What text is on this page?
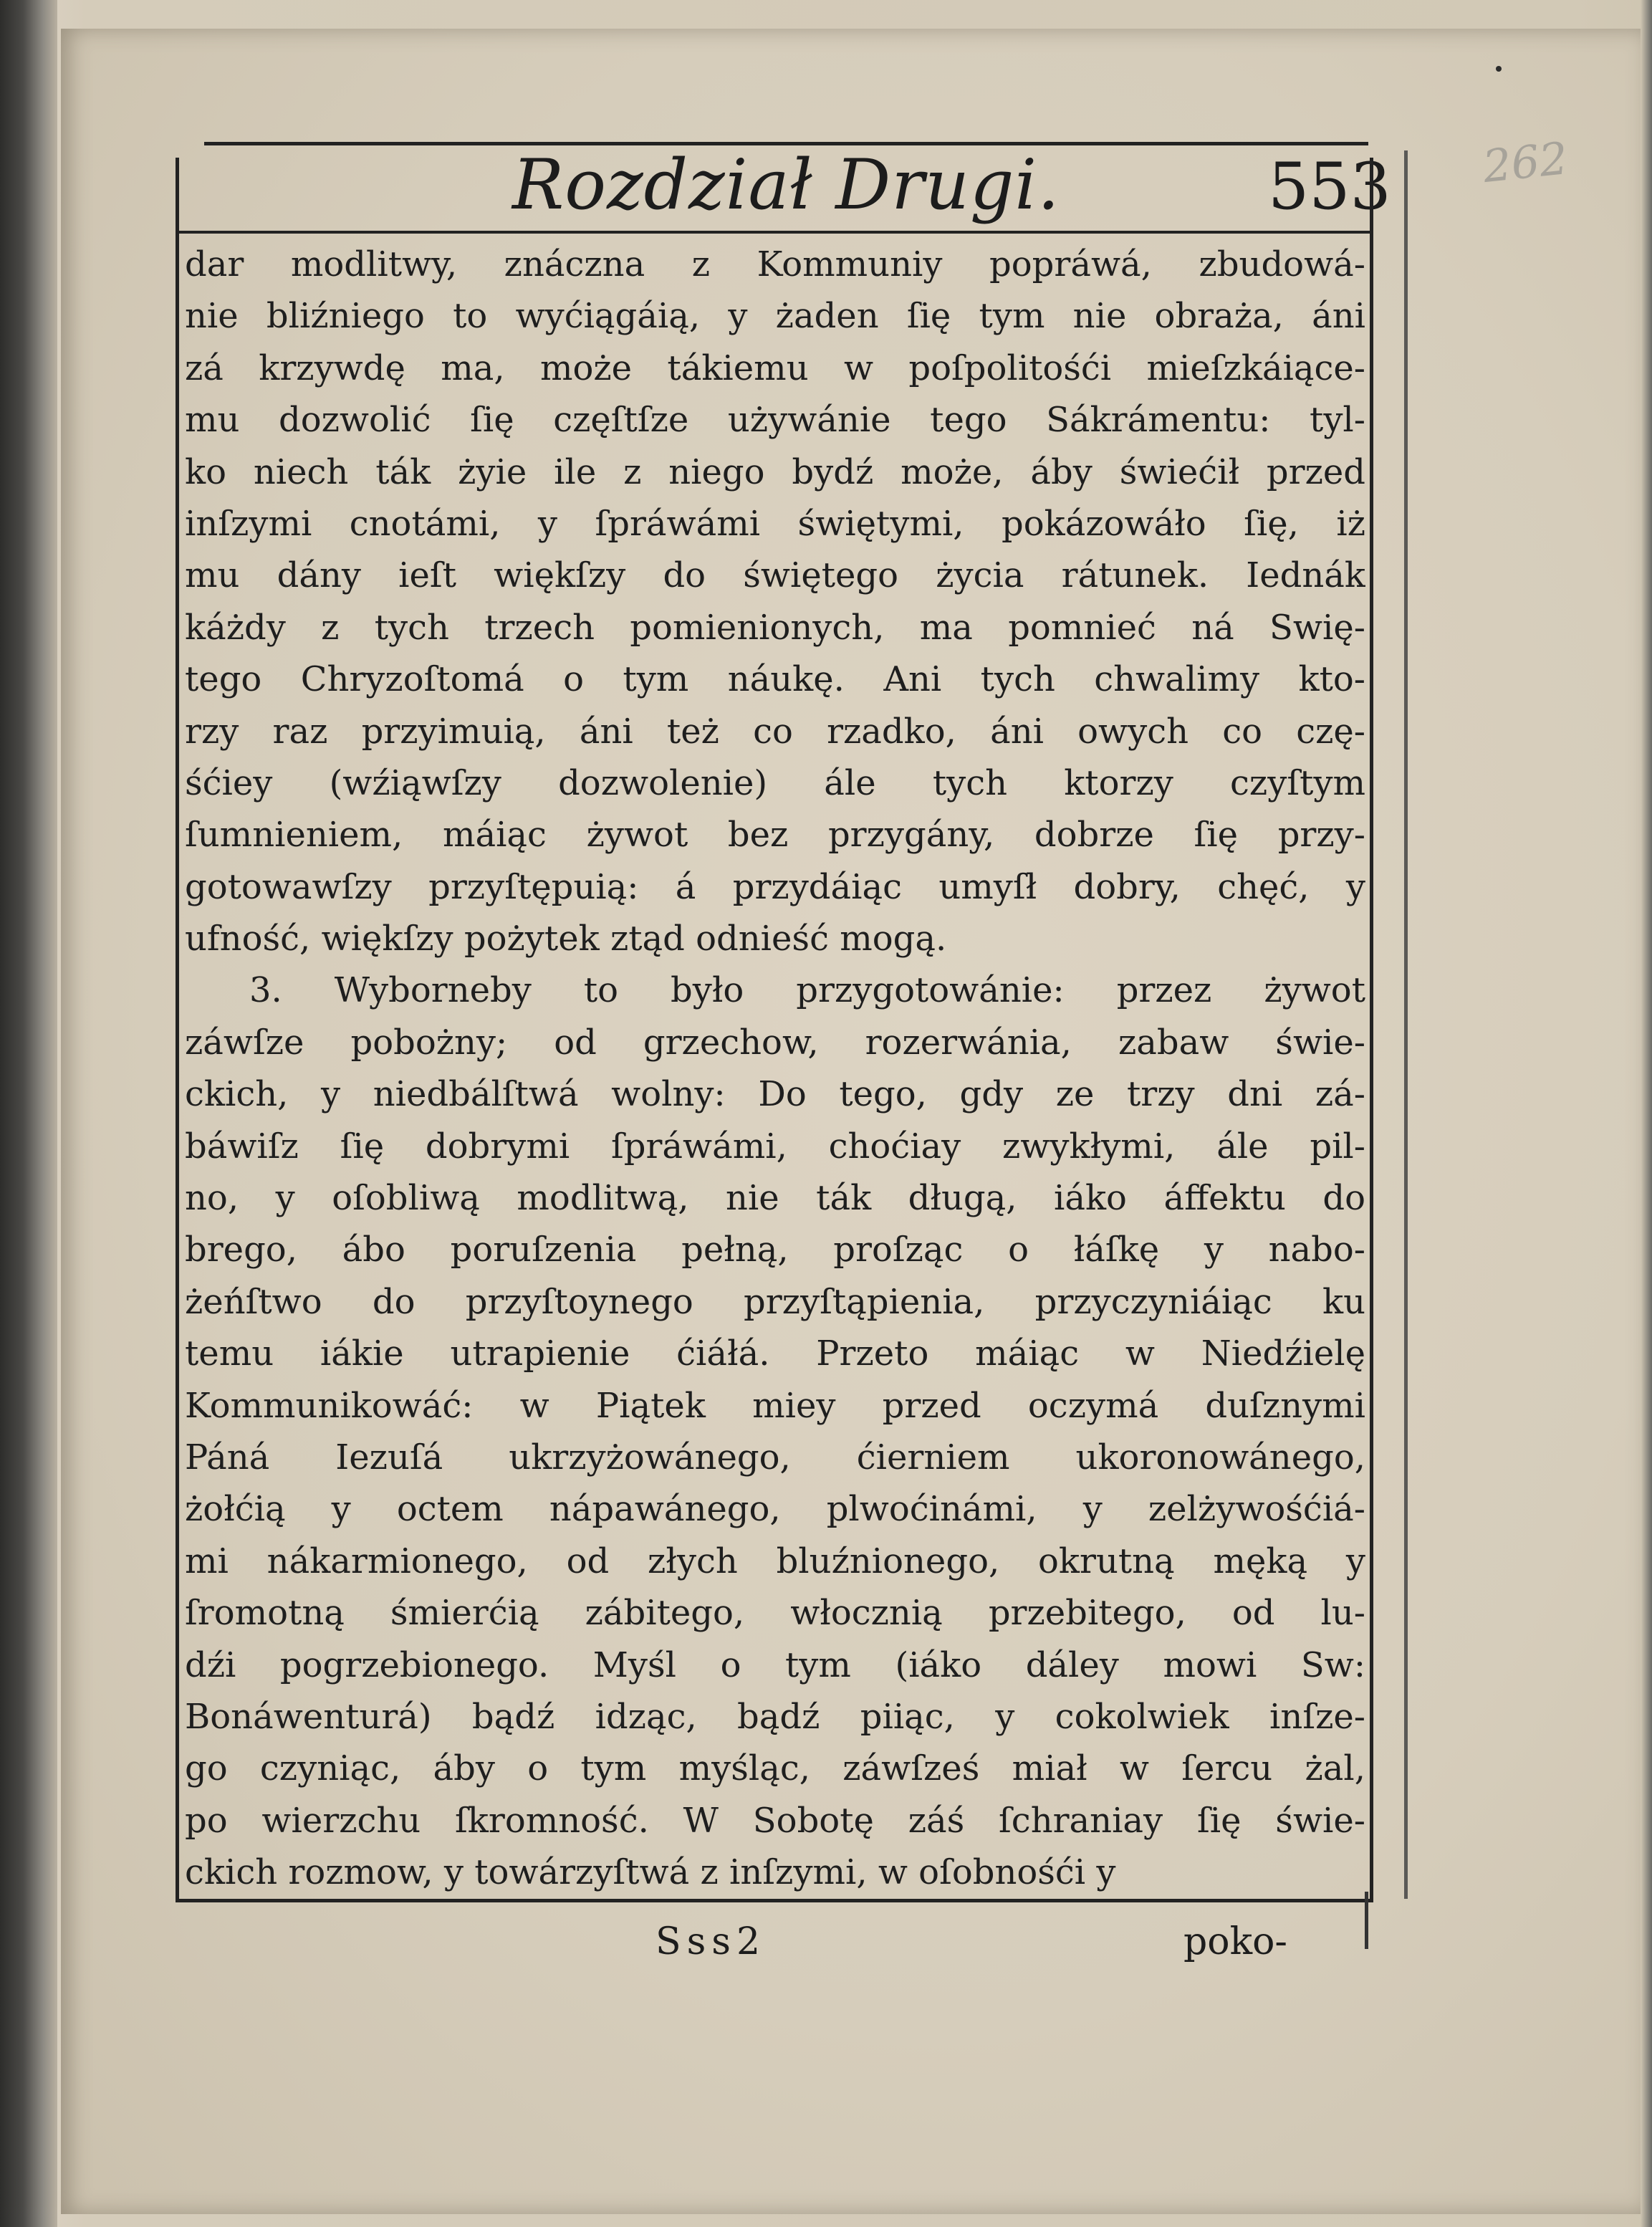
Rozdział Drugi.	553 262
dar modlitwy, znáczna z Kommuniy popráwá, zbudowá-
nie bliźniego to wyćiągáią, y żaden ſię tym nie obraża, áni
zá krzywdę ma, może tákiemu w poſpolitośći mieſzkáiące-
mu dozwolić ſię częſtſze używánie tego Sákrámentu: tyl-
ko niech ták żyie ile z niego bydź może, áby świećił przed
inſzymi cnotámi, y ſpráwámi świętymi, pokázowáło ſię, iż
mu dány ieſt więkſzy do świętego życia rátunek. Iednák
káżdy z tych trzech pomienionych, ma pomnieć ná Swię-
tego Chryzoſtomá o tym náukę. Ani tych chwalimy kto-
rzy raz przyimuią, áni też co rzadko, áni owych co czę-
śćiey (wźiąwſzy dozwolenie) ále tych ktorzy czyſtym
ſumnieniem, máiąc żywot bez przygány, dobrze ſię przy-
gotowawſzy przyſtępuią: á przydáiąc umyſł dobry, chęć, y
ufność, więkſzy pożytek ztąd odnieść mogą.
3. Wyborneby to było przygotowánie: przez żywot
záwſze pobożny; od grzechow, rozerwánia, zabaw świe-
ckich, y niedbálſtwá wolny: Do tego, gdy ze trzy dni zá-
báwiſz ſię dobrymi ſpráwámi, choćiay zwykłymi, ále pil-
no, y oſobliwą modlitwą, nie ták długą, iáko áffektu do
brego, ábo poruſzenia pełną, proſząc o łáſkę y nabo-
żeńſtwo do przyſtoynego przyſtąpienia, przyczyniáiąc ku
temu iákie utrapienie ćiáłá. Przeto máiąc w Niedźielę
Kommunikowáć: w Piątek miey przed oczymá duſznymi
Páná Iezuſá ukrzyżowánego, ćierniem ukoronowánego,
żołćią y octem nápawánego, plwoćinámi, y zelżywośćiá-
mi nákarmionego, od złych bluźnionego, okrutną męką y
ſromotną śmierćią zábitego, włocznią przebitego, od lu-
dźi pogrzebionego. Myśl o tym (iáko dáley mowi Sw:
Bonáwenturá) bądź idząc, bądź piiąc, y cokolwiek inſze-
go czyniąc, áby o tym myśląc, záwſześ miał w ſercu żal,
po wierzchu ſkromność. W Sobotę záś ſchraniay ſię świe-
ckich rozmow, y towárzyſtwá z inſzymi, w oſobnośći y
Sss2	poko-
